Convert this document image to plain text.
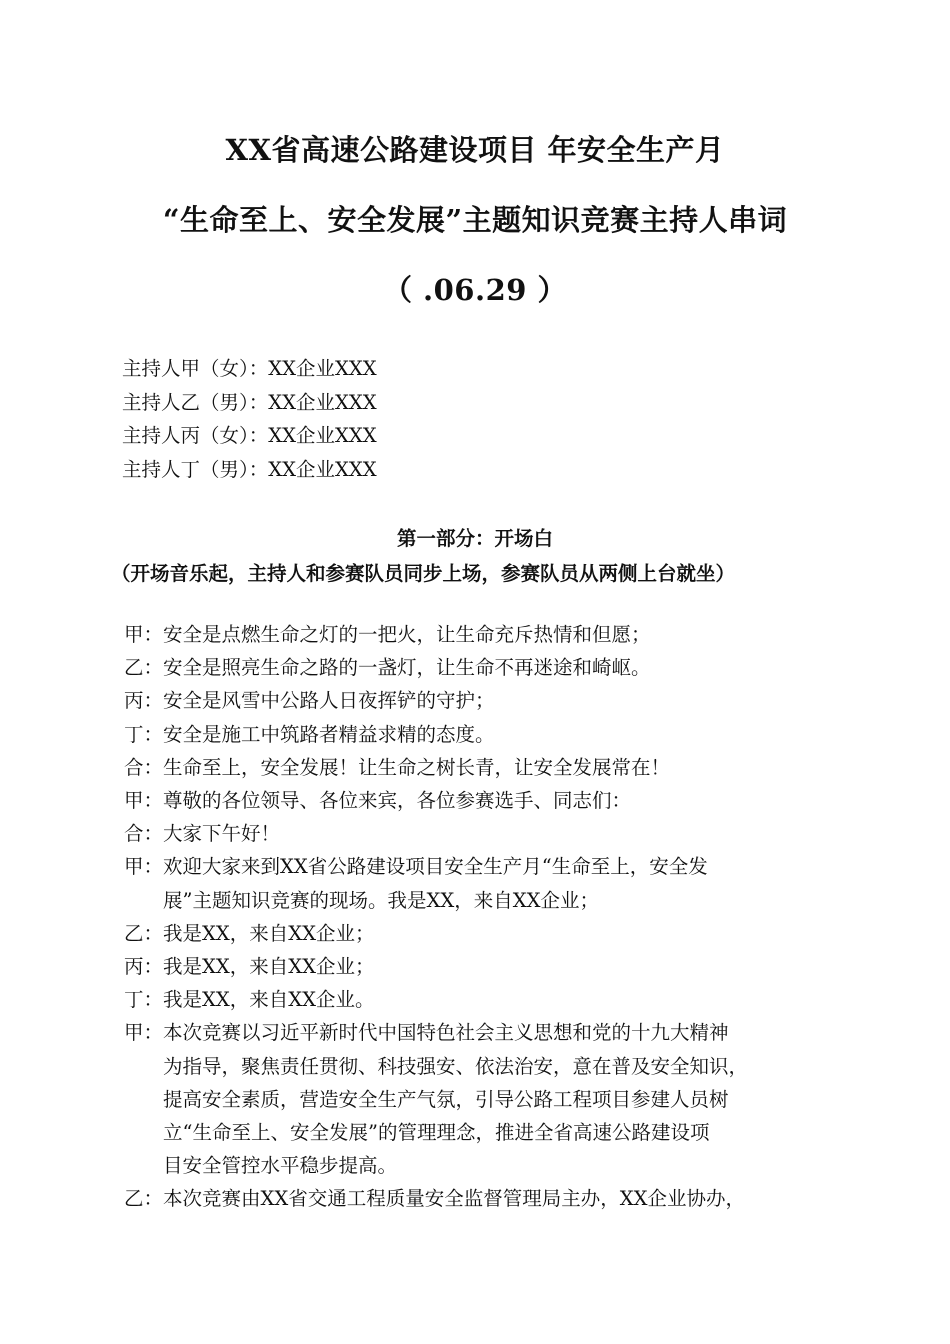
XX省高速公路建设项目 年安全生产月
“生命至上、安全发展”主题知识竞赛主持人串词
（ .06.29 ）
主持人甲（女）：XX企业XXX
主持人乙（男）：XX企业XXX
主持人丙（女）：XX企业XXX
主持人丁（男）：XX企业XXX
第一部分：开场白
（开场音乐起，主持人和参赛队员同步上场，参赛队员从两侧上台就坐）
甲： 安全是点燃生命之灯的一把火，让生命充斥热情和但愿；
乙： 安全是照亮生命之路的一盏灯，让生命不再迷途和崎岖。
丙： 安全是风雪中公路人日夜挥铲的守护；
丁： 安全是施工中筑路者精益求精的态度。
合： 生命至上，安全发展！让生命之树长青，让安全发展常在！
甲： 尊敬的各位领导、各位来宾，各位参赛选手、同志们：
合： 大家下午好！
甲： 欢迎大家来到XX省公路建设项目安全生产月“生命至上，安全发
展”主题知识竞赛的现场。我是XX，来自XX企业；
乙： 我是XX，来自XX企业；
丙： 我是XX，来自XX企业；
丁： 我是XX，来自XX企业。
甲： 本次竞赛以习近平新时代中国特色社会主义思想和党的十九大精神
为指导，聚焦责任贯彻、科技强安、依法治安，意在普及安全知识，
提高安全素质，营造安全生产气氛，引导公路工程项目参建人员树
立“生命至上、安全发展”的管理理念，推进全省高速公路建设项
目安全管控水平稳步提高。
乙： 本次竞赛由XX省交通工程质量安全监督管理局主办，XX企业协办，
